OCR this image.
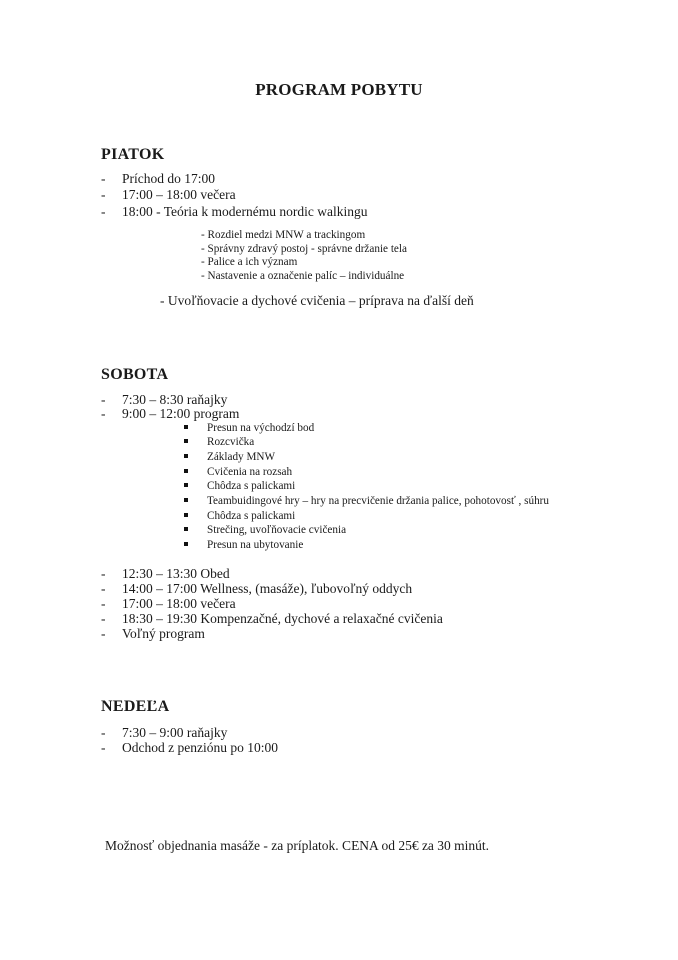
PROGRAM POBYTU
PIATOK
- Príchod do 17:00
- 17:00 – 18:00 večera
- 18:00 - Teória k modernému nordic walkingu
- Rozdiel medzi MNW a trackingom
- Správny zdravý postoj - správne držanie tela
- Palice a ich význam
- Nastavenie a označenie palíc – individuálne
- Uvoľňovacie a dychové cvičenia – príprava na ďalší deň
SOBOTA
- 7:30 – 8:30 raňajky
- 9:00 – 12:00 program
Presun na východzí bod
Rozcvička
Základy MNW
Cvičenia na rozsah
Chôdza s palickami
Teambuidingové hry – hry na precvičenie držania palice, pohotovosť , súhru
Chôdza s palickami
Strečing, uvoľňovacie cvičenia
Presun na ubytovanie
- 12:30 – 13:30 Obed
- 14:00 – 17:00 Wellness, (masáže), ľubovoľný oddych
- 17:00 – 18:00 večera
- 18:30 – 19:30 Kompenzačné, dychové a relaxačné cvičenia
- Voľný program
NEDEĽA
- 7:30 – 9:00 raňajky
- Odchod z penziónu po 10:00
Možnosť objednania masáže - za príplatok. CENA od 25€ za 30 minút.
